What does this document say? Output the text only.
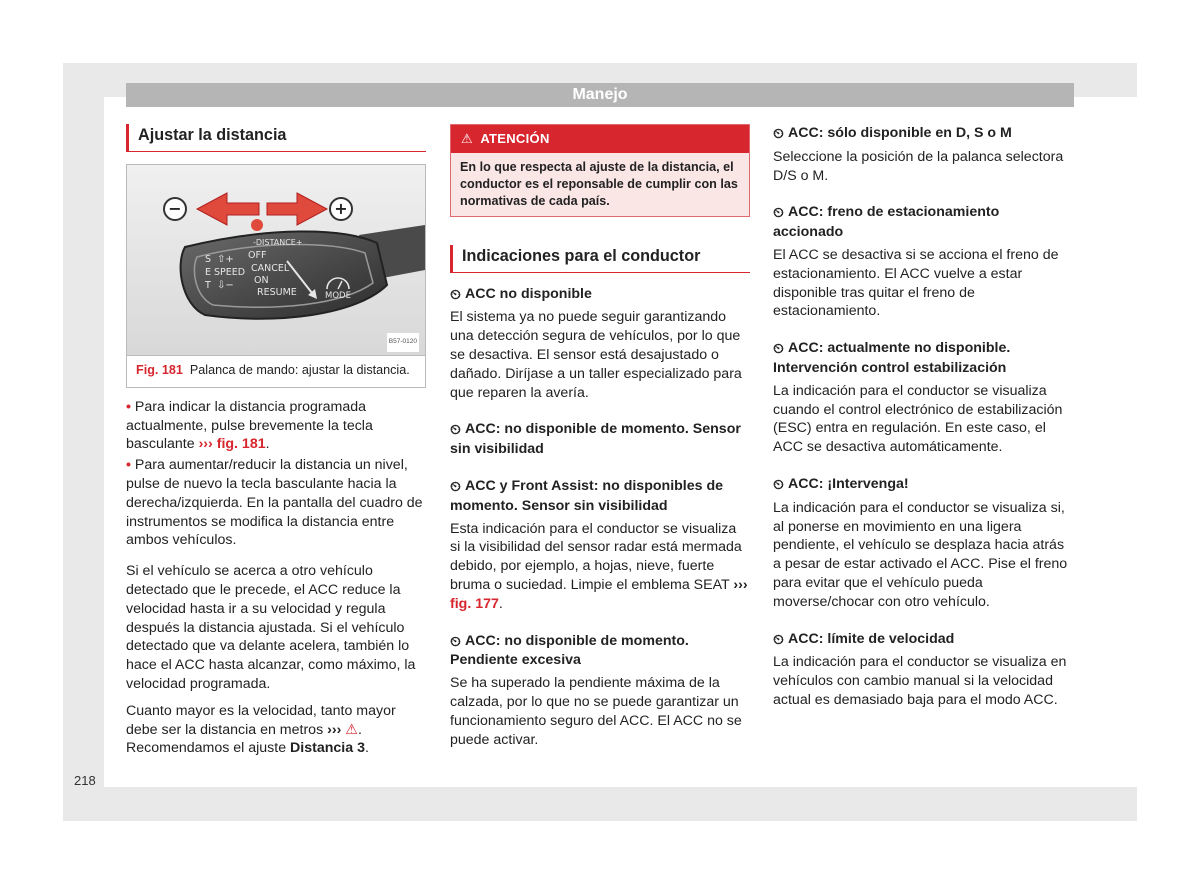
Manejo
Ajustar la distancia
−	+
-DISTANCE+
S
E
T
SPEED
⇧+
⇩−
OFF
CANCEL
ON
RESUME	MODE
B57-0120
Fig. 181 Palanca de mando: ajustar la distancia.

• Para indicar la distancia programada actualmente, pulse brevemente la tecla basculante ››› fig. 181.

• Para aumentar/reducir la distancia un nivel, pulse de nuevo la tecla basculante hacia la derecha/izquierda. En la pantalla del cuadro de instrumentos se modifica la distancia entre ambos vehículos.

Si el vehículo se acerca a otro vehículo detectado que le precede, el ACC reduce la velocidad hasta ir a su velocidad y regula después la distancia ajustada. Si el vehículo detectado que va delante acelera, también lo hace el ACC hasta alcanzar, como máximo, la velocidad programada.

Cuanto mayor es la velocidad, tanto mayor debe ser la distancia en metros ››› ⚠. Recomendamos el ajuste Distancia 3.

⚠ ATENCIÓN
En lo que respecta al ajuste de la distancia, el conductor es el reponsable de cumplir con las normativas de cada país.
Indicaciones para el conductor
⏲ ACC no disponible

El sistema ya no puede seguir garantizando una detección segura de vehículos, por lo que se desactiva. El sensor está desajustado o dañado. Diríjase a un taller especializado para que reparen la avería.

⏲ ACC: no disponible de momento. Sensor sin visibilidad
⏲ ACC y Front Assist: no disponibles de momento. Sensor sin visibilidad

Esta indicación para el conductor se visualiza si la visibilidad del sensor radar está mermada debido, por ejemplo, a hojas, nieve, fuerte bruma o suciedad. Limpie el emblema SEAT ››› fig. 177.

⏲ ACC: no disponible de momento. Pendiente excesiva

Se ha superado la pendiente máxima de la calzada, por lo que no se puede garantizar un funcionamiento seguro del ACC. El ACC no se puede activar.

⏲ ACC: sólo disponible en D, S o M

Seleccione la posición de la palanca selectora D/S o M.

⏲ ACC: freno de estacionamiento accionado

El ACC se desactiva si se acciona el freno de estacionamiento. El ACC vuelve a estar disponible tras quitar el freno de estacionamiento.

⏲ ACC: actualmente no disponible. Intervención control estabilización

La indicación para el conductor se visualiza cuando el control electrónico de estabilización (ESC) entra en regulación. En este caso, el ACC se desactiva automáticamente.

⏲ ACC: ¡Intervenga!

La indicación para el conductor se visualiza si, al ponerse en movimiento en una ligera pendiente, el vehículo se desplaza hacia atrás a pesar de estar activado el ACC. Pise el freno para evitar que el vehículo pueda moverse/chocar con otro vehículo.

⏲ ACC: límite de velocidad

La indicación para el conductor se visualiza en vehículos con cambio manual si la velocidad actual es demasiado baja para el modo ACC.

218
